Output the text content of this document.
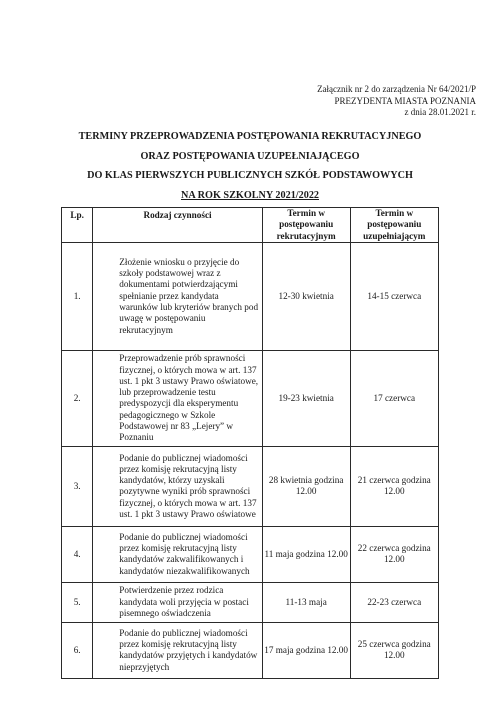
Załącznik nr 2 do zarządzenia Nr 64/2021/P
PREZYDENTA MIASTA POZNANIA
z dnia 28.01.2021 r.
TERMINY PRZEPROWADZENIA POSTĘPOWANIA REKRUTACYJNEGO
ORAZ POSTĘPOWANIA UZUPEŁNIAJĄCEGO
DO KLAS PIERWSZYCH PUBLICZNYCH SZKÓŁ PODSTAWOWYCH
NA ROK SZKOLNY 2021/2022
Lp.	Rodzaj czynności	Termin w postępowaniu rekrutacyjnym	Termin w postępowaniu uzupełniającym
1.	Złożenie wniosku o przyjęcie do szkoły podstawowej wraz z dokumentami potwierdzającymi spełnianie przez kandydata warunków lub kryteriów branych pod uwagę w postępowaniu rekrutacyjnym	12-30 kwietnia	14-15 czerwca
2.	Przeprowadzenie prób sprawności fizycznej, o których mowa w art. 137 ust. 1 pkt 3 ustawy Prawo oświatowe, lub przeprowadzenie testu predyspozycji dla eksperymentu pedagogicznego w Szkole Podstawowej nr 83 „Lejery” w Poznaniu	19-23 kwietnia	17 czerwca
3.	Podanie do publicznej wiadomości przez komisję rekrutacyjną listy kandydatów, którzy uzyskali pozytywne wyniki prób sprawności fizycznej, o których mowa w art. 137 ust. 1 pkt 3 ustawy Prawo oświatowe	28 kwietnia godzina 12.00	21 czerwca godzina 12.00
4.	Podanie do publicznej wiadomości przez komisję rekrutacyjną listy kandydatów zakwalifikowanych i kandydatów niezakwalifikowanych	11 maja godzina 12.00	22 czerwca godzina 12.00
5.	Potwierdzenie przez rodzica kandydata woli przyjęcia w postaci pisemnego oświadczenia	11-13 maja	22-23 czerwca
6.	Podanie do publicznej wiadomości przez komisję rekrutacyjną listy kandydatów przyjętych i kandydatów nieprzyjętych	17 maja godzina 12.00	25 czerwca godzina 12.00
